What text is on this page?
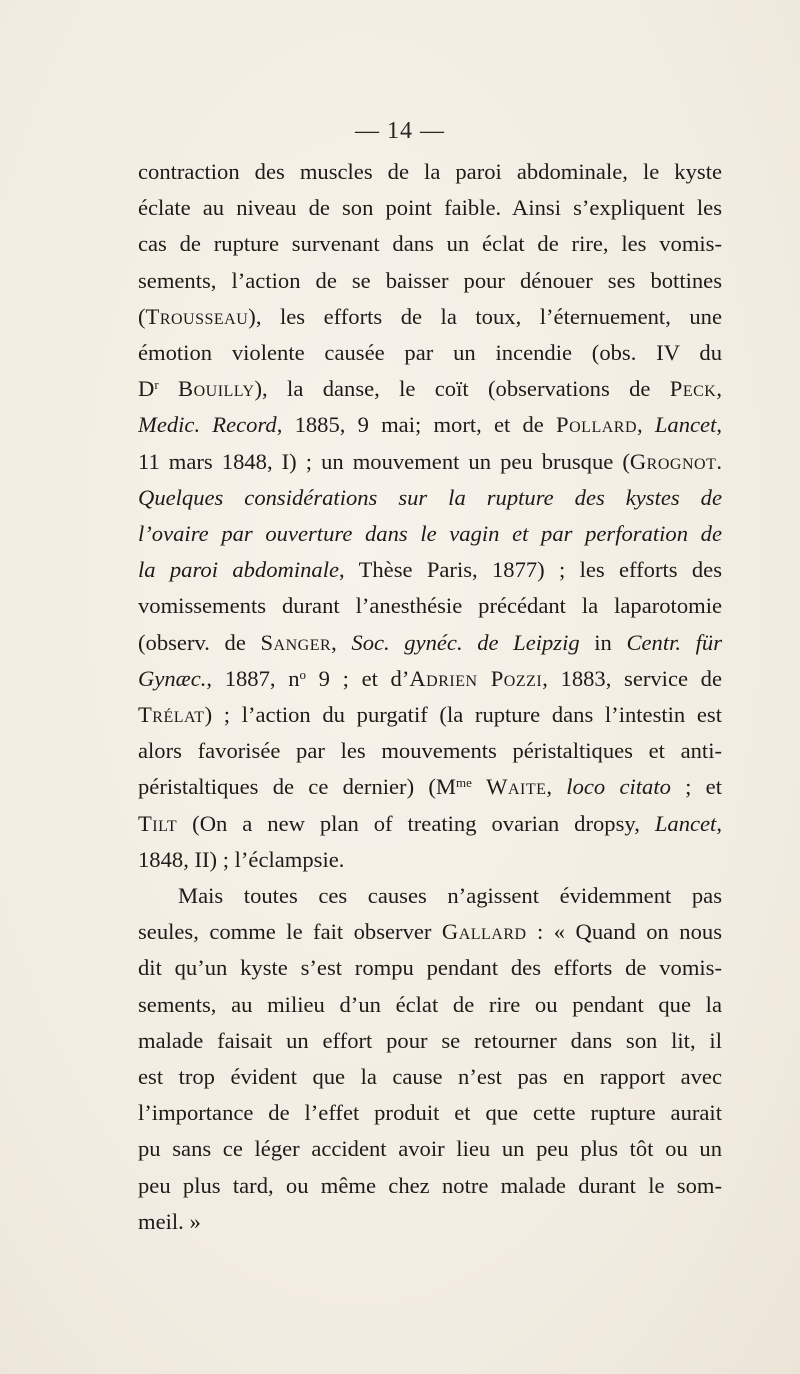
— 14 —
contraction des muscles de la paroi abdominale, le kyste
éclate au niveau de son point faible. Ainsi s’expliquent les
cas de rupture survenant dans un éclat de rire, les vomis-
sements, l’action de se baisser pour dénouer ses bottines
(Trousseau), les efforts de la toux, l’éternuement, une
émotion violente causée par un incendie (obs. IV du
$D^r$ Bouilly), la danse, le coït (observations de Peck,
Medic. Record, 1885, 9 mai; mort, et de Pollard, Lancet,
11 mars 1848, I) ; un mouvement un peu brusque (Grognot.
Quelques considérations sur la rupture des kystes de
l’ovaire par ouverture dans le vagin et par perforation de
la paroi abdominale, Thèse Paris, 1877) ; les efforts des
vomissements durant l’anesthésie précédant la laparotomie
(observ. de Sanger, Soc. gynéc. de Leipzig in Centr. für
Gynæc., 1887, $n^o$ 9 ; et d’Adrien Pozzi, 1883, service de
Trélat) ; l’action du purgatif (la rupture dans l’intestin est
alors favorisée par les mouvements péristaltiques et anti-
péristaltiques de ce dernier) ($M^{me}$ Waite, loco citato ; et
Tilt (On a new plan of treating ovarian dropsy, Lancet,
1848, II) ; l’éclampsie.
Mais toutes ces causes n’agissent évidemment pas
seules, comme le fait observer Gallard : « Quand on nous
dit qu’un kyste s’est rompu pendant des efforts de vomis-
sements, au milieu d’un éclat de rire ou pendant que la
malade faisait un effort pour se retourner dans son lit, il
est trop évident que la cause n’est pas en rapport avec
l’importance de l’effet produit et que cette rupture aurait
pu sans ce léger accident avoir lieu un peu plus tôt ou un
peu plus tard, ou même chez notre malade durant le som-
meil. »
